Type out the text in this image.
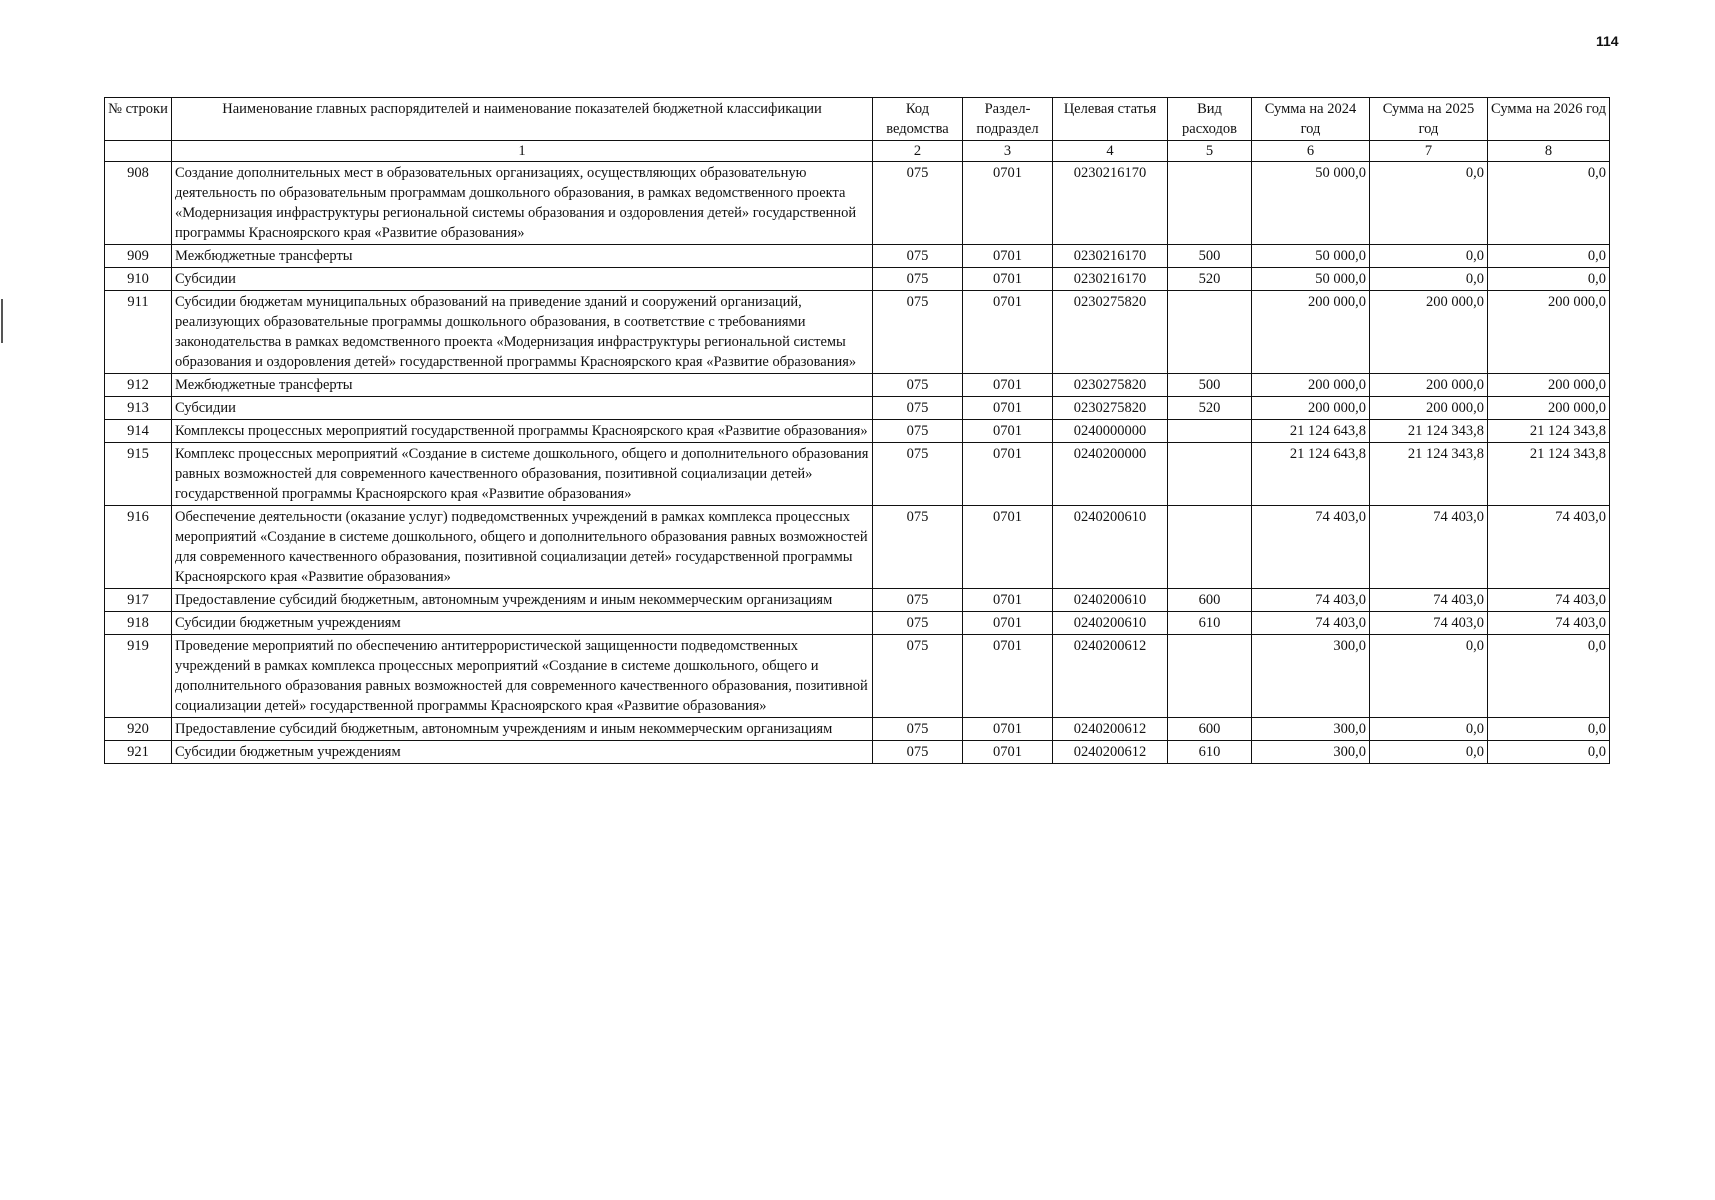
114
№ строки	Наименование главных распорядителей и наименование показателей бюджетной классификации	Код ведомства	Раздел-подраздел	Целевая статья	Вид расходов	Сумма на 2024 год	Сумма на 2025 год	Сумма на 2026 год
	1	2	3	4	5	6	7	8
908	Создание дополнительных мест в образовательных организациях, осуществляющих образовательную деятельность по образовательным программам дошкольного образования, в рамках ведомственного проекта «Модернизация инфраструктуры региональной системы образования и оздоровления детей» государственной программы Красноярского края «Развитие образования»	075	0701	0230216170		50 000,0	0,0	0,0
909	Межбюджетные трансферты	075	0701	0230216170	500	50 000,0	0,0	0,0
910	Субсидии	075	0701	0230216170	520	50 000,0	0,0	0,0
911	Субсидии бюджетам муниципальных образований на приведение зданий и сооружений организаций, реализующих образовательные программы дошкольного образования, в соответствие с требованиями законодательства в рамках ведомственного проекта «Модернизация инфраструктуры региональной системы образования и оздоровления детей» государственной программы Красноярского края «Развитие образования»	075	0701	0230275820		200 000,0	200 000,0	200 000,0
912	Межбюджетные трансферты	075	0701	0230275820	500	200 000,0	200 000,0	200 000,0
913	Субсидии	075	0701	0230275820	520	200 000,0	200 000,0	200 000,0
914	Комплексы процессных мероприятий государственной программы Красноярского края «Развитие образования»	075	0701	0240000000		21 124 643,8	21 124 343,8	21 124 343,8
915	Комплекс процессных мероприятий «Создание в системе дошкольного, общего и дополнительного образования равных возможностей для современного качественного образования, позитивной социализации детей» государственной программы Красноярского края «Развитие образования»	075	0701	0240200000		21 124 643,8	21 124 343,8	21 124 343,8
916	Обеспечение деятельности (оказание услуг) подведомственных учреждений в рамках комплекса процессных мероприятий «Создание в системе дошкольного, общего и дополнительного образования равных возможностей для современного качественного образования, позитивной социализации детей» государственной программы Красноярского края «Развитие образования»	075	0701	0240200610		74 403,0	74 403,0	74 403,0
917	Предоставление субсидий бюджетным, автономным учреждениям и иным некоммерческим организациям	075	0701	0240200610	600	74 403,0	74 403,0	74 403,0
918	Субсидии бюджетным учреждениям	075	0701	0240200610	610	74 403,0	74 403,0	74 403,0
919	Проведение мероприятий по обеспечению антитеррористической защищенности подведомственных учреждений в рамках комплекса процессных мероприятий «Создание в системе дошкольного, общего и дополнительного образования равных возможностей для современного качественного образования, позитивной социализации детей» государственной программы Красноярского края «Развитие образования»	075	0701	0240200612		300,0	0,0	0,0
920	Предоставление субсидий бюджетным, автономным учреждениям и иным некоммерческим организациям	075	0701	0240200612	600	300,0	0,0	0,0
921	Субсидии бюджетным учреждениям	075	0701	0240200612	610	300,0	0,0	0,0
